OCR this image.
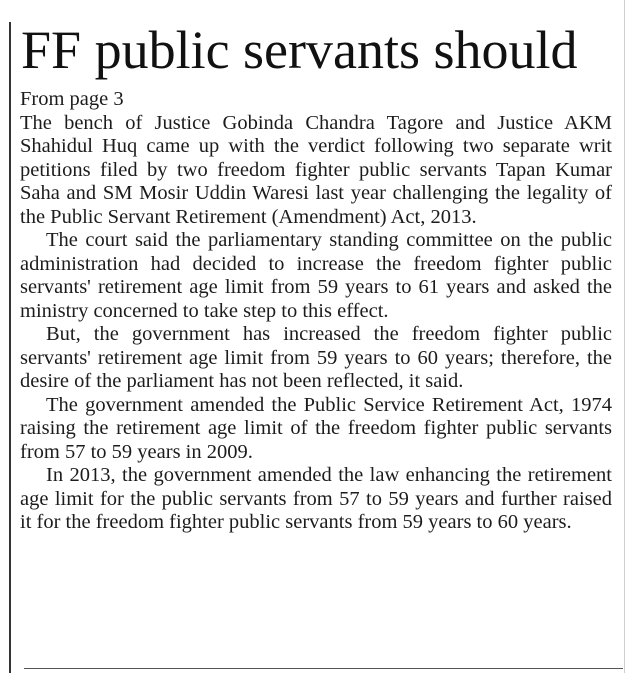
FF public servants should
From page 3

The bench of Justice Gobinda Chandra Tagore and Justice AKM Shahidul Huq came up with the verdict following two separate writ petitions filed by two freedom fighter public servants Tapan Kumar Saha and SM Mosir Uddin Waresi last year challenging the legality of the Public Servant Retirement (Amendment) Act, 2013.

The court said the parliamentary standing committee on the public administration had decided to increase the freedom fighter public servants' retirement age limit from 59 years to 61 years and asked the ministry concerned to take step to this effect.

But, the government has increased the freedom fighter public servants' retirement age limit from 59 years to 60 years; therefore, the desire of the parliament has not been reflected, it said.

The government amended the Public Service Retirement Act, 1974 raising the retirement age limit of the freedom fighter public servants from 57 to 59 years in 2009.

In 2013, the government amended the law enhancing the retirement age limit for the public servants from 57 to 59 years and further raised it for the freedom fighter public servants from 59 years to 60 years.
